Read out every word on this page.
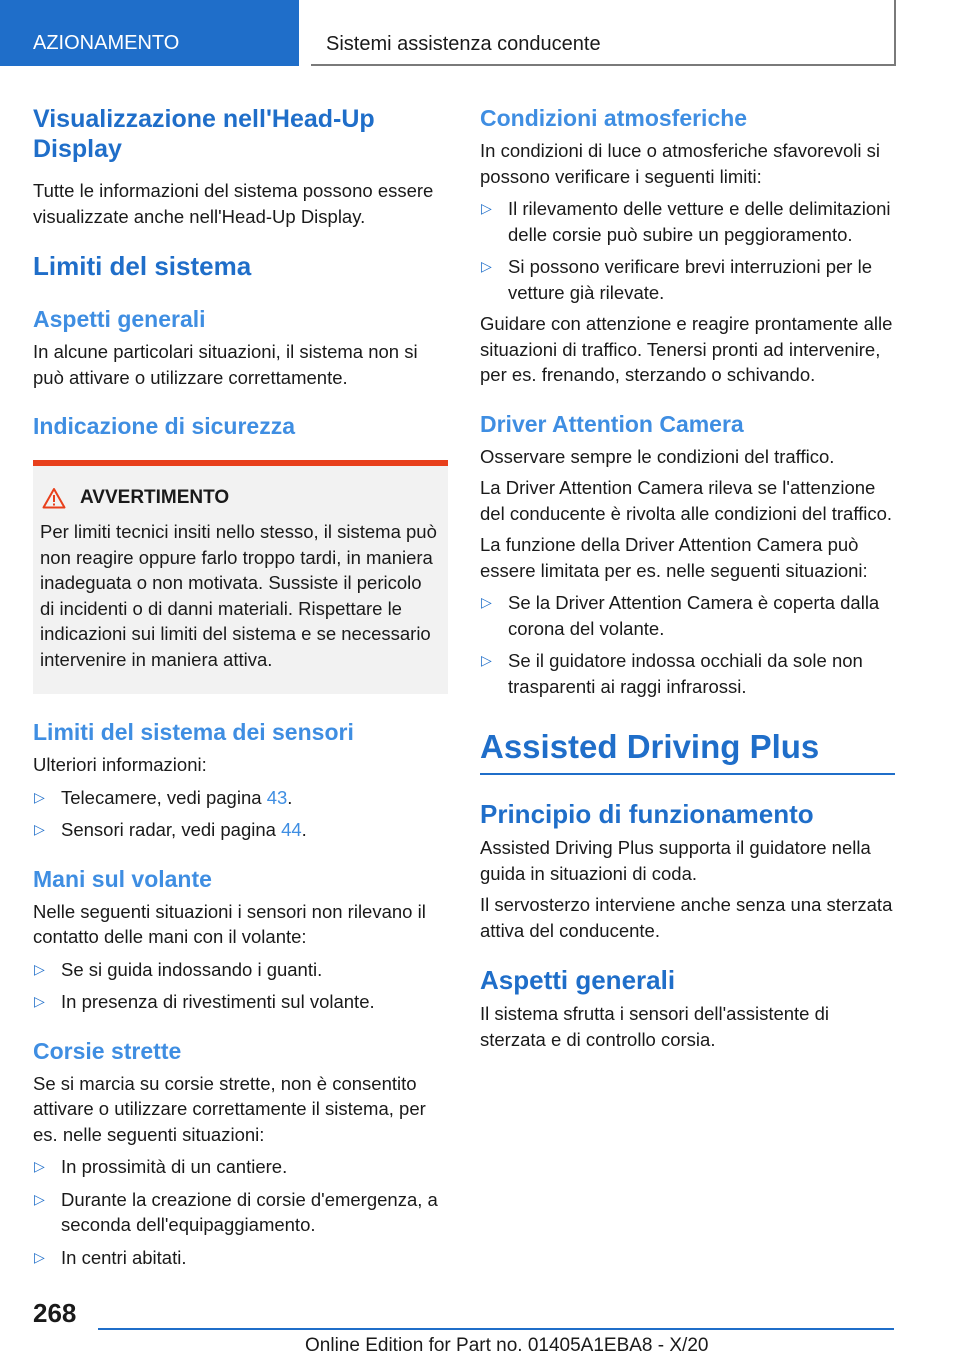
AZIONAMENTO	Sistemi assistenza conducente
Visualizzazione nell'Head-Up Display

Tutte le informazioni del sistema possono essere visualizzate anche nell'Head-Up Display.

Limiti del sistema
Aspetti generali

In alcune particolari situazioni, il sistema non si può attivare o utilizzare correttamente.

Indicazione di sicurezza
AVVERTIMENTO

Per limiti tecnici insiti nello stesso, il sistema può non reagire oppure farlo troppo tardi, in maniera inadeguata o non motivata. Sussiste il pericolo di incidenti o di danni materiali. Rispettare le indicazioni sui limiti del sistema e se necessario intervenire in maniera attiva.

Limiti del sistema dei sensori

Ulteriori informazioni:

▷ Telecamere, vedi pagina 43.
▷ Sensori radar, vedi pagina 44.
Mani sul volante

Nelle seguenti situazioni i sensori non rilevano il contatto delle mani con il volante:

▷ Se si guida indossando i guanti.
▷ In presenza di rivestimenti sul volante.
Corsie strette

Se si marcia su corsie strette, non è consentito attivare o utilizzare correttamente il sistema, per es. nelle seguenti situazioni:

▷ In prossimità di un cantiere.
▷ Durante la creazione di corsie d'emergenza, a seconda dell'equipaggiamento.
▷ In centri abitati.
Condizioni atmosferiche

In condizioni di luce o atmosferiche sfavorevoli si possono verificare i seguenti limiti:

▷ Il rilevamento delle vetture e delle delimitazioni delle corsie può subire un peggioramento.
▷ Si possono verificare brevi interruzioni per le vetture già rilevate.

Guidare con attenzione e reagire prontamente alle situazioni di traffico. Tenersi pronti ad intervenire, per es. frenando, sterzando o schivando.

Driver Attention Camera

Osservare sempre le condizioni del traffico.

La Driver Attention Camera rileva se l'attenzione del conducente è rivolta alle condizioni del traffico.

La funzione della Driver Attention Camera può essere limitata per es. nelle seguenti situazioni:

▷ Se la Driver Attention Camera è coperta dalla corona del volante.
▷ Se il guidatore indossa occhiali da sole non trasparenti ai raggi infrarossi.
Assisted Driving Plus
Principio di funzionamento

Assisted Driving Plus supporta il guidatore nella guida in situazioni di coda.

Il servosterzo interviene anche senza una sterzata attiva del conducente.

Aspetti generali

Il sistema sfrutta i sensori dell'assistente di sterzata e di controllo corsia.

268
Online Edition for Part no. 01405A1EBA8 - X/20
